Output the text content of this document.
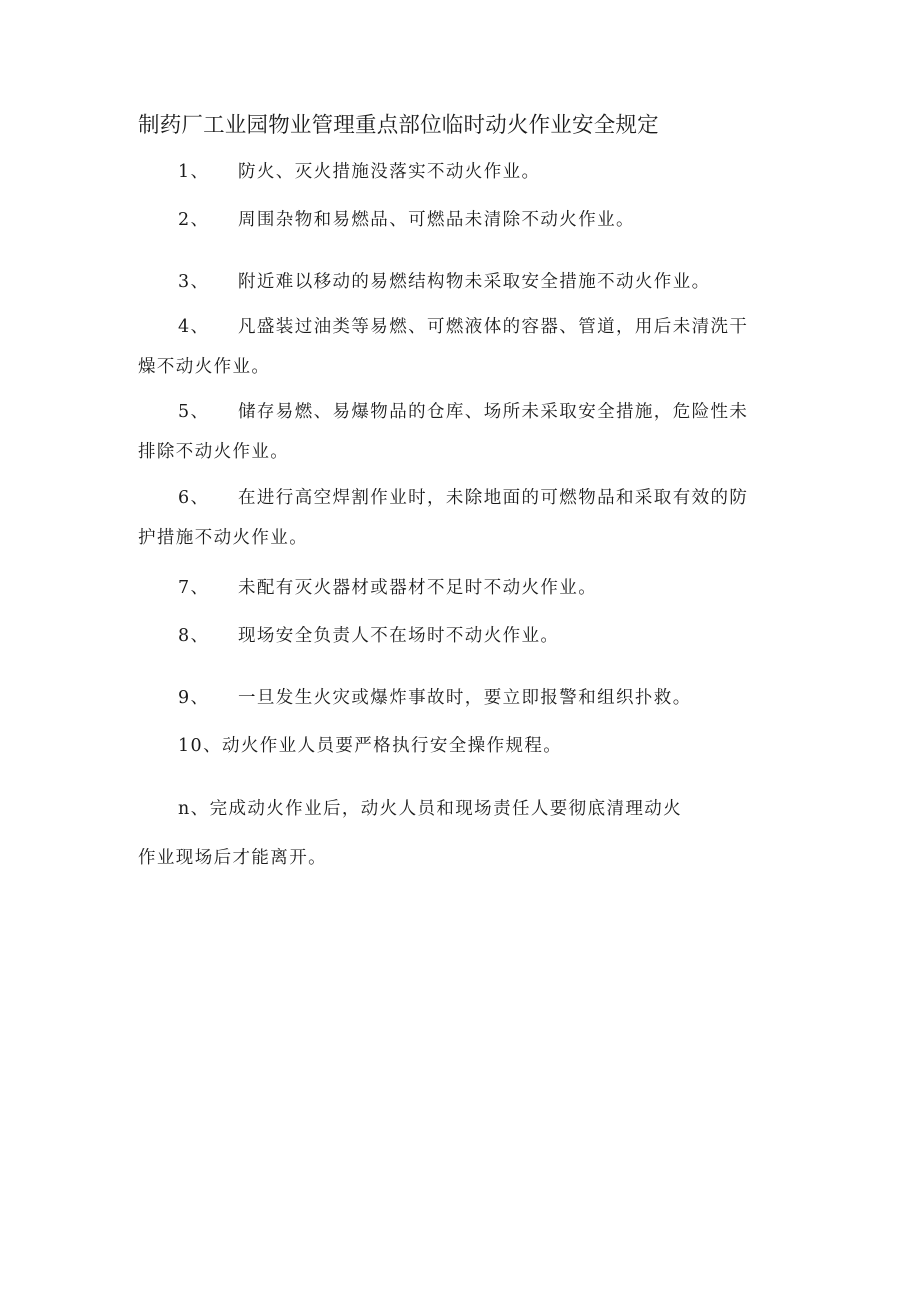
制药厂工业园物业管理重点部位临时动火作业安全规定

1、 防火、灭火措施没落实不动火作业。

2、 周围杂物和易燃品、可燃品未清除不动火作业。

3、 附近难以移动的易燃结构物未采取安全措施不动火作业。

4、 凡盛装过油类等易燃、可燃液体的容器、管道，用后未清洗干
燥不动火作业。
5、 储存易燃、易爆物品的仓库、场所未采取安全措施，危险性未
排除不动火作业。
6、 在进行高空焊割作业时，未除地面的可燃物品和采取有效的防
护措施不动火作业。

7、 未配有灭火器材或器材不足时不动火作业。

8、 现场安全负责人不在场时不动火作业。

9、 一旦发生火灾或爆炸事故时，要立即报警和组织扑救。

10、动火作业人员要严格执行安全操作规程。

n、完成动火作业后，动火人员和现场责任人要彻底清理动火

作业现场后才能离开。
